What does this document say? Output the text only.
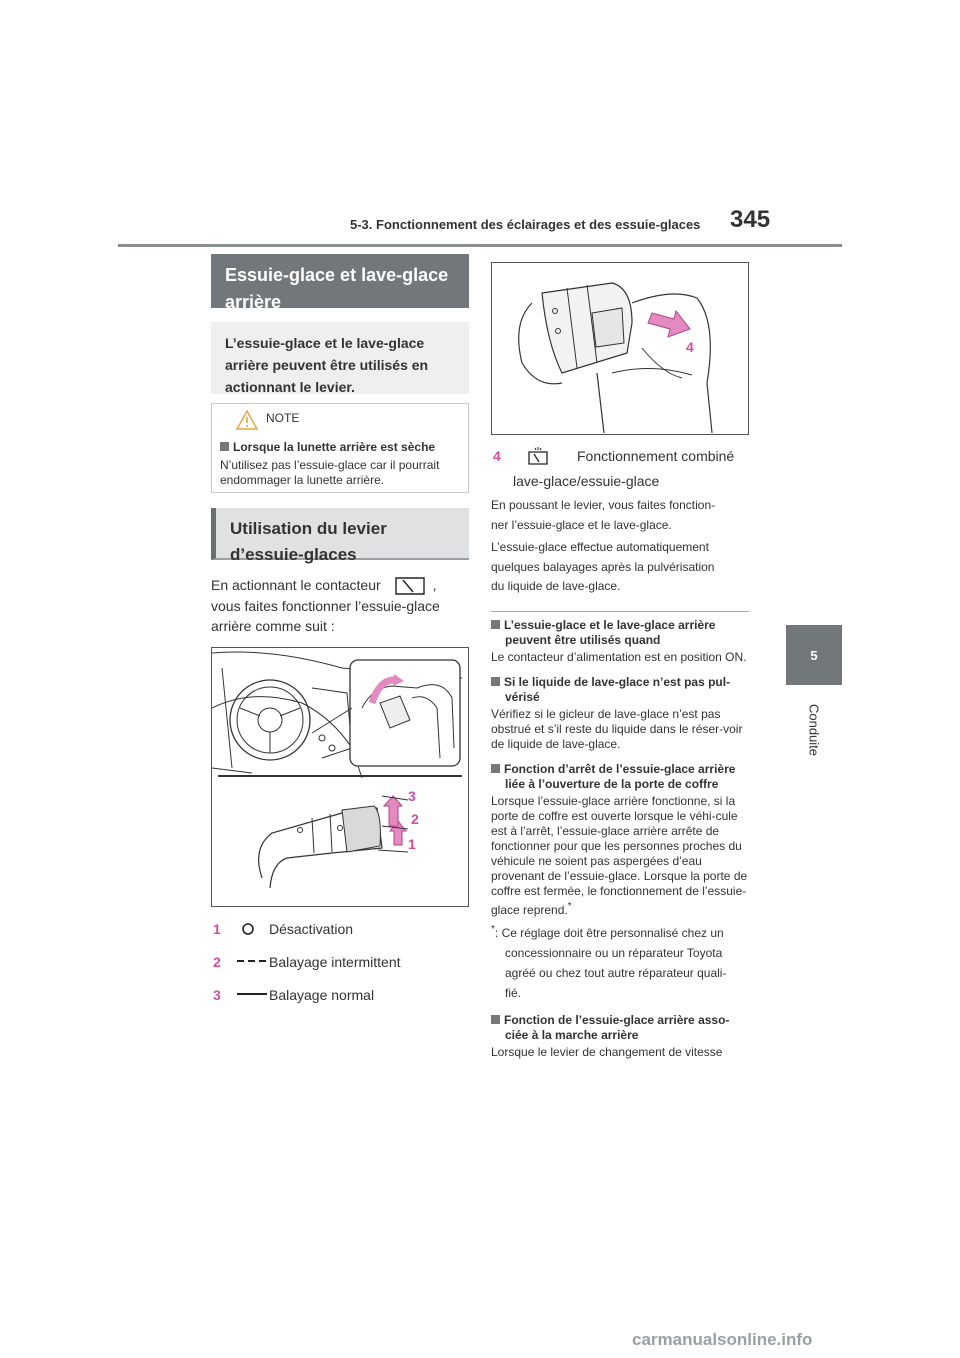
5-3. Fonctionnement des éclairages et des essuie-glaces 345
5
Conduite
Essuie-glace et lave-glace arrière
L’essuie-glace et le lave-glace arrière peuvent être utilisés en actionnant le levier.
NOTE
Lorsque la lunette arrière est sèche
N’utilisez pas l’essuie-glace car il pourrait endommager la lunette arrière.
Utilisation du levier d’essuie-glaces
En actionnant le contacteur	,
vous faites fonctionner l’essuie-glace
arrière comme suit :
3
2
1
1	Désactivation
2	Balayage intermittent
3	Balayage normal
4
4	Fonctionnement combiné
lave-glace/essuie-glace
En poussant le levier, vous faites fonction-
ner l’essuie-glace et le lave-glace.
L’essuie-glace effectue automatiquement
quelques balayages après la pulvérisation
du liquide de lave-glace.
L’essuie-glace et le lave-glace arrière peuvent être utilisés quand
Le contacteur d’alimentation est en position ON.
Si le liquide de lave-glace n’est pas pul-vérisé
Vérifiez si le gicleur de lave-glace n’est pas obstrué et s’il reste du liquide dans le réser-voir de liquide de lave-glace.
Fonction d’arrêt de l’essuie-glace arrière liée à l’ouverture de la porte de coffre
Lorsque l’essuie-glace arrière fonctionne, si la porte de coffre est ouverte lorsque le véhi-cule est à l’arrêt, l’essuie-glace arrière arrête de fonctionner pour que les personnes proches du véhicule ne soient pas aspergées d’eau provenant de l’essuie-glace. Lorsque la porte de coffre est fermée, le fonctionnement de l’essuie-glace reprend.*
*: Ce réglage doit être personnalisé chez un
concessionnaire ou un réparateur Toyota
agréé ou chez tout autre réparateur quali-
fié.
Fonction de l’essuie-glace arrière asso-ciée à la marche arrière
Lorsque le levier de changement de vitesse
carmanualsonline.info
